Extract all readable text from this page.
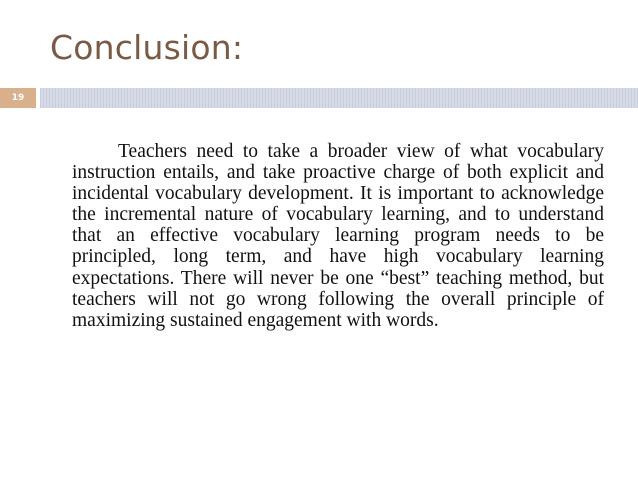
Conclusion:
19

Teachers need to take a broader view of what vocabulary instruction entails, and take proactive charge of both explicit and incidental vocabulary development. It is important to acknowledge the incremental nature of vocabulary learning, and to understand that an effective vocabulary learning program needs to be principled, long term, and have high vocabulary learning expectations. There will never be one “best” teaching method, but teachers will not go wrong following the overall principle of maximizing sustained engagement with words.
